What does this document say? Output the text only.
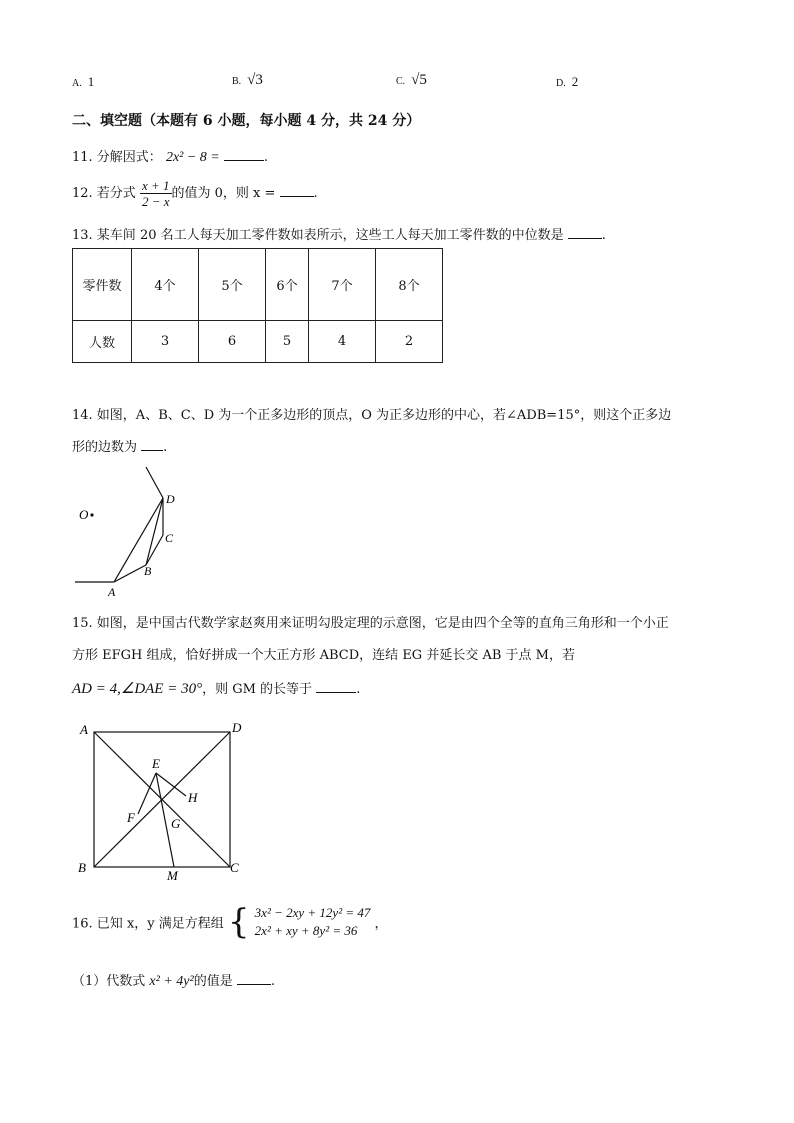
A. 1	B. √3	C. √5	D. 2
二、填空题（本题有 6 小题，每小题 4 分，共 24 分）
11. 分解因式： 2x² − 8 =	.
12. 若分式 $\frac{x + 1}{2 - x}$ 的值为 0，则 x =	.
13. 某车间 20 名工人每天加工零件数如表所示，这些工人每天加工零件数的中位数是	.
零件数	4个	5个	6个	7个	8个
人数	3	6	5	4	2
14. 如图，A、B、C、D 为一个正多边形的顶点，O 为正多边形的中心，若∠ADB=15°，则这个正多边
形的边数为 .
O
A
B
C
D
15. 如图，是中国古代数学家赵爽用来证明勾股定理的示意图，它是由四个全等的直角三角形和一个小正
方形 EFGH 组成，恰好拼成一个大正方形 ABCD，连结 EG 并延长交 AB 于点 M，若
AD = 4,∠DAE = 30°，则 GM 的长等于	.
A	D
E
H
F	G
B
M
C
16. 已知 x，y 满足方程组 { 3x² − 2xy + 12y² = 47
2x² + xy + 8y² = 36	，
（1）代数式 x² + 4y²的值是	.
